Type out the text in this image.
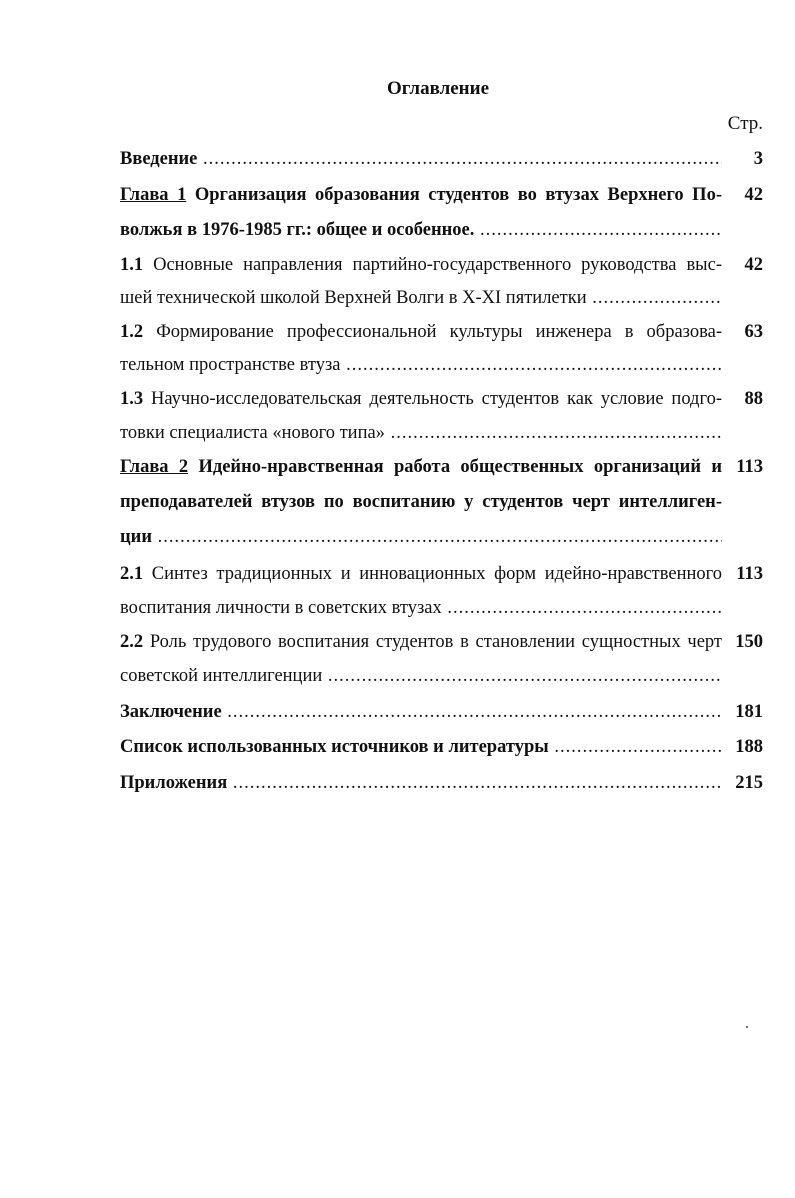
Оглавление
Стр.
Введение .....	3
Глава 1 Организация образования студентов во втузах Верхнего По- 42
волжья в 1976-1985 гг.: общее и особенное. .....
1.1 Основные направления партийно-государственного руководства выс- 42
шей технической школой Верхней Волги в X-XI пятилетки .....
1.2 Формирование профессиональной культуры инженера в образова- 63
тельном пространстве втуза .....
1.3 Научно-исследовательская деятельность студентов как условие подго- 88
товки специалиста «нового типа» .....
Глава 2 Идейно-нравственная работа общественных организаций и 113
преподавателей втузов по воспитанию у студентов черт интеллиген-
ции .....
2.1 Синтез традиционных и инновационных форм идейно-нравственного 113
воспитания личности в советских втузах .....
2.2 Роль трудового воспитания студентов в становлении сущностных черт 150
советской интеллигенции .....
Заключение .....	181
Список использованных источников и литературы .....	188
Приложения .....	215
